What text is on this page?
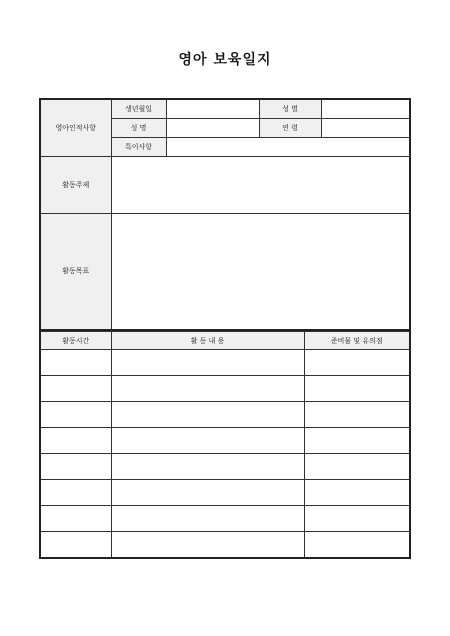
영아 보육일지
영아인적사항	생년월일		성 별	
	성 명		연 령	
	특이사항			
활동주제				
활동목표				
활동시간	활 동 내 용	준비물 및 유의점
